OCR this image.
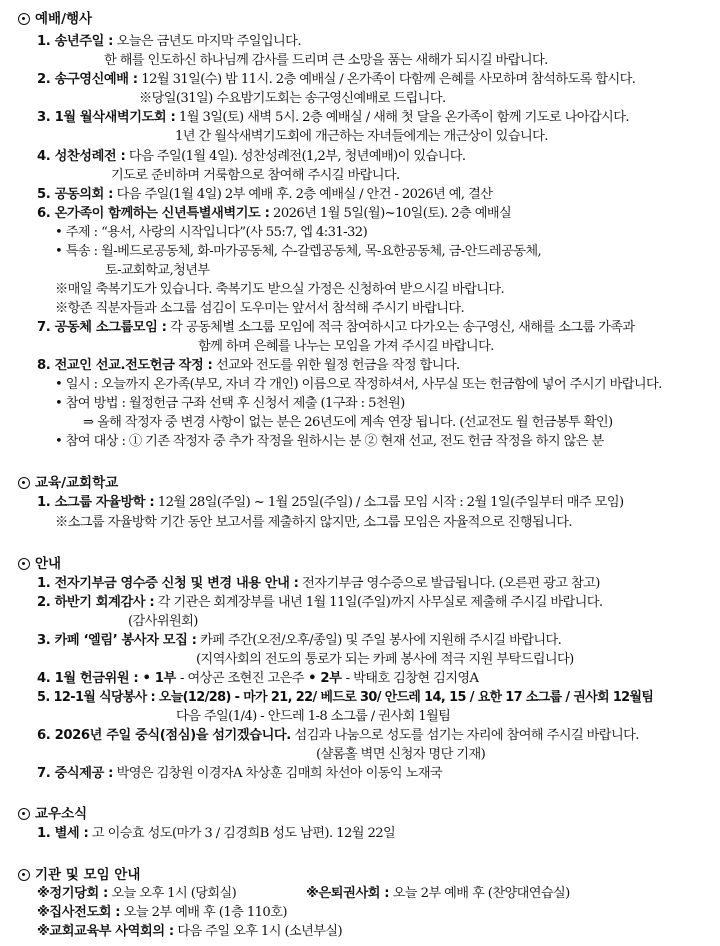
예배/행사
1. 송년주일 : 오늘은 금년도 마지막 주일입니다.
한 해를 인도하신 하나님께 감사를 드리며 큰 소망을 품는 새해가 되시길 바랍니다.
2. 송구영신예배 : 12월 31일(수) 밤 11시. 2층 예배실 / 온가족이 다함께 은혜를 사모하며 참석하도록 합시다.
※당일(31일) 수요밤기도회는 송구영신예배로 드립니다.
3. 1월 월삭새벽기도회 : 1월 3일(토) 새벽 5시. 2층 예배실 / 새해 첫 달을 온가족이 함께 기도로 나아갑시다.
1년 간 월삭새벽기도회에 개근하는 자녀들에게는 개근상이 있습니다.
4. 성찬성례전 : 다음 주일(1월 4일). 성찬성례전(1,2부, 청년예배)이 있습니다.
기도로 준비하며 거룩함으로 참여해 주시길 바랍니다.
5. 공동의회 : 다음 주일(1월 4일) 2부 예배 후. 2층 예배실 / 안건 - 2026년 예, 결산
6. 온가족이 함께하는 신년특별새벽기도 : 2026년 1월 5일(월)~10일(토). 2층 예배실
• 주제 : “용서, 사랑의 시작입니다”(사 55:7, 엡 4:31-32)
• 특송 : 월-베드로공동체, 화-마가공동체, 수-갈렙공동체, 목-요한공동체, 금-안드레공동체,
토-교회학교,청년부
※매일 축복기도가 있습니다. 축복기도 받으실 가정은 신청하여 받으시길 바랍니다.
※항존 직분자들과 소그룹 섬김이 도우미는 앞서서 참석해 주시기 바랍니다.
7. 공동체 소그룹모임 : 각 공동체별 소그룹 모임에 적극 참여하시고 다가오는 송구영신, 새해를 소그룹 가족과
함께 하며 은혜를 나누는 모임을 가져 주시길 바랍니다.
8. 전교인 선교.전도헌금 작정 : 선교와 전도를 위한 월정 헌금을 작정 합니다.
• 일시 : 오늘까지 온가족(부모, 자녀 각 개인) 이름으로 작정하셔서, 사무실 또는 헌금함에 넣어 주시기 바랍니다.
• 참여 방법 : 월정헌금 구좌 선택 후 신청서 제출 (1구좌 : 5천원)
⇒ 올해 작정자 중 변경 사항이 없는 분은 26년도에 계속 연장 됩니다. (선교전도 월 헌금봉투 확인)
• 참여 대상 : ① 기존 작정자 중 추가 작정을 원하시는 분 ② 현재 선교, 전도 헌금 작정을 하지 않은 분
교육/교회학교
1. 소그룹 자율방학 : 12월 28일(주일) ~ 1월 25일(주일) / 소그룹 모임 시작 : 2월 1일(주일부터 매주 모임)
※소그룹 자율방학 기간 동안 보고서를 제출하지 않지만, 소그룹 모임은 자율적으로 진행됩니다.
안내
1. 전자기부금 영수증 신청 및 변경 내용 안내 : 전자기부금 영수증으로 발급됩니다. (오른편 광고 참고)
2. 하반기 회계감사 : 각 기관은 회계장부를 내년 1월 11일(주일)까지 사무실로 제출해 주시길 바랍니다.
(감사위원회)
3. 카페 ‘엘림’ 봉사자 모집 : 카페 주간(오전/오후/종일) 및 주일 봉사에 지원해 주시길 바랍니다.
(지역사회의 전도의 통로가 되는 카페 봉사에 적극 지원 부탁드립니다)
4. 1월 헌금위원 : • 1부 - 여상곤 조현진 고은주 • 2부 - 박태호 김창현 김지영A
5. 12-1월 식당봉사 : 오늘(12/28) - 마가 21, 22/ 베드로 30/ 안드레 14, 15 / 요한 17 소그룹 / 권사회 12월팀
다음 주일(1/4) - 안드레 1-8 소그룹 / 권사회 1월팀
6. 2026년 주일 중식(점심)을 섬기겠습니다. 섬김과 나눔으로 성도를 섬기는 자리에 참여해 주시길 바랍니다.
(샬롬홀 벽면 신청자 명단 기재)
7. 중식제공 : 박영은 김창원 이경자A 차상훈 김매희 차선아 이동익 노재국
교우소식
1. 별세 : 고 이승효 성도(마가 3 / 김경희B 성도 남편). 12월 22일
기관 및 모임 안내
※정기당회 : 오늘 오후 1시 (당회실)	※은퇴권사회 : 오늘 2부 예배 후 (찬양대연습실)
※집사전도회 : 오늘 2부 예배 후 (1층 110호)
※교회교육부 사역회의 : 다음 주일 오후 1시 (소년부실)
